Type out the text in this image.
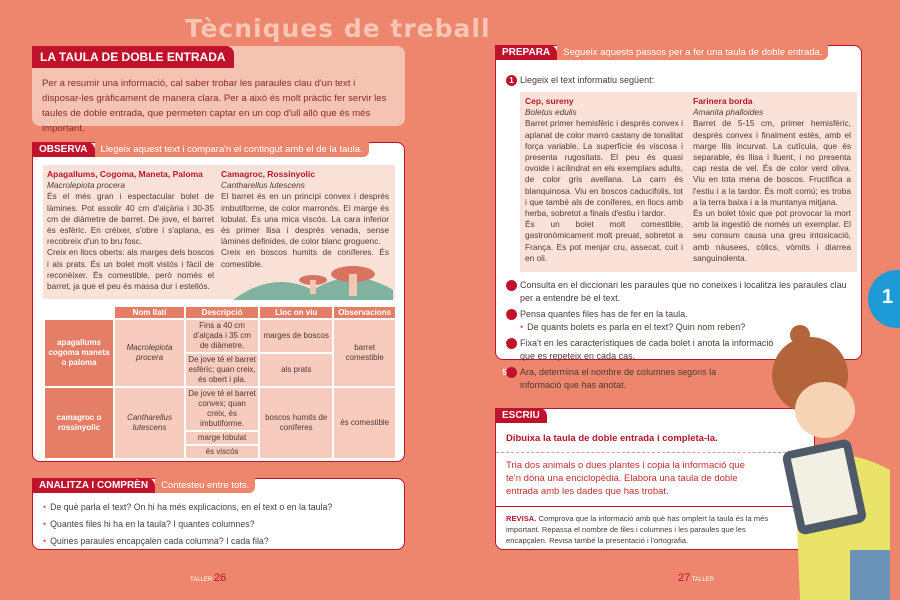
Tècniques de treball
LA TAULA DE DOBLE ENTRADA

Per a resumir una informació, cal saber trobar les paraules clau d'un text i disposar-les gràficament de manera clara. Per a això és molt pràctic fer servir les taules de doble entrada, que permeten captar en un cop d'ull allò que és més important.

OBSERVA	Llegeix aquest text i compara'n el contingut amb el de la taula.
Apagallums, Cogoma, Maneta, Paloma
Macrolepiota procera
És el més gran i espectacular bolet de làmines. Pot assolir 40 cm d'alçària i 30-35 cm de diàmetre de barret. De jove, el barret és esfèric. En créixer, s'obre i s'aplana, es recobreix d'un to bru fosc.
Creix en llocs oberts: als marges dels boscos i als prats. És un bolet molt vistós i fàcil de reconèixer. És comestible, però només el barret, ja que el peu és massa dur i estellós.
Camagroc, Rossinyolic
Cantharellus lutescens
El barret és en un principi convex i després imbutiforme, de color marronós. El marge és lobulat. És una mica viscós. La cara inferior és primer llisa i després venada, sense làmines definides, de color blanc groguenc.
Creix en boscos humits de coníferes. És comestible.
	Nom llatí	Descripció	Lloc on viu	Observacions
apagallums cogoma maneta o paloma	Macrolepiota procera	Fins a 40 cm d'alçada i 35 cm de diàmetre.	marges de boscos	barret comestible
		De jove té el barret esfèric; quan creix, és obert i pla.	als prats	
camagroc o rossinyolic	Cantharellus lutescens	De jove té el barret convex; quan creix, és imbutiforme.	boscos humits de coníferes	és comestible
		marge lobulat		
		és viscós		
ANALITZA I COMPRÈN	Contesteu entre tots.
• De què parla el text? On hi ha més explicacions, en el text o en la taula?
• Quantes files hi ha en la taula? I quantes columnes?
• Quines paraules encapçalen cada columna? I cada fila?
TALLER 26	27 TALLER
PREPARA	Segueix aquests passos per a fer una taula de doble entrada.
1 Llegeix el text informatiu següent:
Cep, sureny
Boletus edulis
Barret primer hemisfèric i després convex i aplanat de color marró castany de tonalitat força variable. La superfície és viscosa i presenta rugositats. El peu és quasi ovoide i acilindrat en els exemplars adults, de color gris avellana. La carn és blanquinosa. Viu en boscos caducifolis, tot i que també als de coníferes, en llocs amb herba, sobretot a finals d'estiu i tardor.
És un bolet molt comestible, gastronòmicament molt preuat, sobretot a França. Es pot menjar cru, assecat, cuit i en oli.
Farinera borda
Amanita phalloides
Barret de 5-15 cm, primer hemisfèric, després convex i finalment estès, amb el marge llis incurvat. La cutícula, que és separable, és llisa i lluent, i no presenta cap resta de vel. És de color verd oliva. Viu en tota mena de boscos. Fructifica a l'estiu i a la tardor. És molt comú; es troba a la terra baixa i a la muntanya mitjana.
És un bolet tòxic que pot provocar la mort amb la ingestió de només un exemplar. El seu consum causa una greu intoxicació, amb nàusees, còlics, vòmits i diarrea sanguinolenta.
2 Consulta en el diccionari les paraules que no coneixes i localitza les paraules clau per a entendre bé el text.
3 Pensa quantes files has de fer en la taula.
• De quants bolets es parla en el text? Quin nom reben?
4 Fixa't en les característiques de cada bolet i anota la informació que es repeteix en cada cas.
5 Ara, determina el nombre de columnes segons la informació que has anotat.
ESCRIU
Dibuixa la taula de doble entrada i completa-la.
Tria dos animals o dues plantes i copia la informació que te'n dóna una enciclopèdia. Elabora una taula de doble entrada amb les dades que has trobat.
REVISA. Comprova que la informació amb què has omplert la taula és la més important. Repassa el nombre de files i columnes i les paraules que les encapçalen. Revisa també la presentació i l'ortografia.
1
